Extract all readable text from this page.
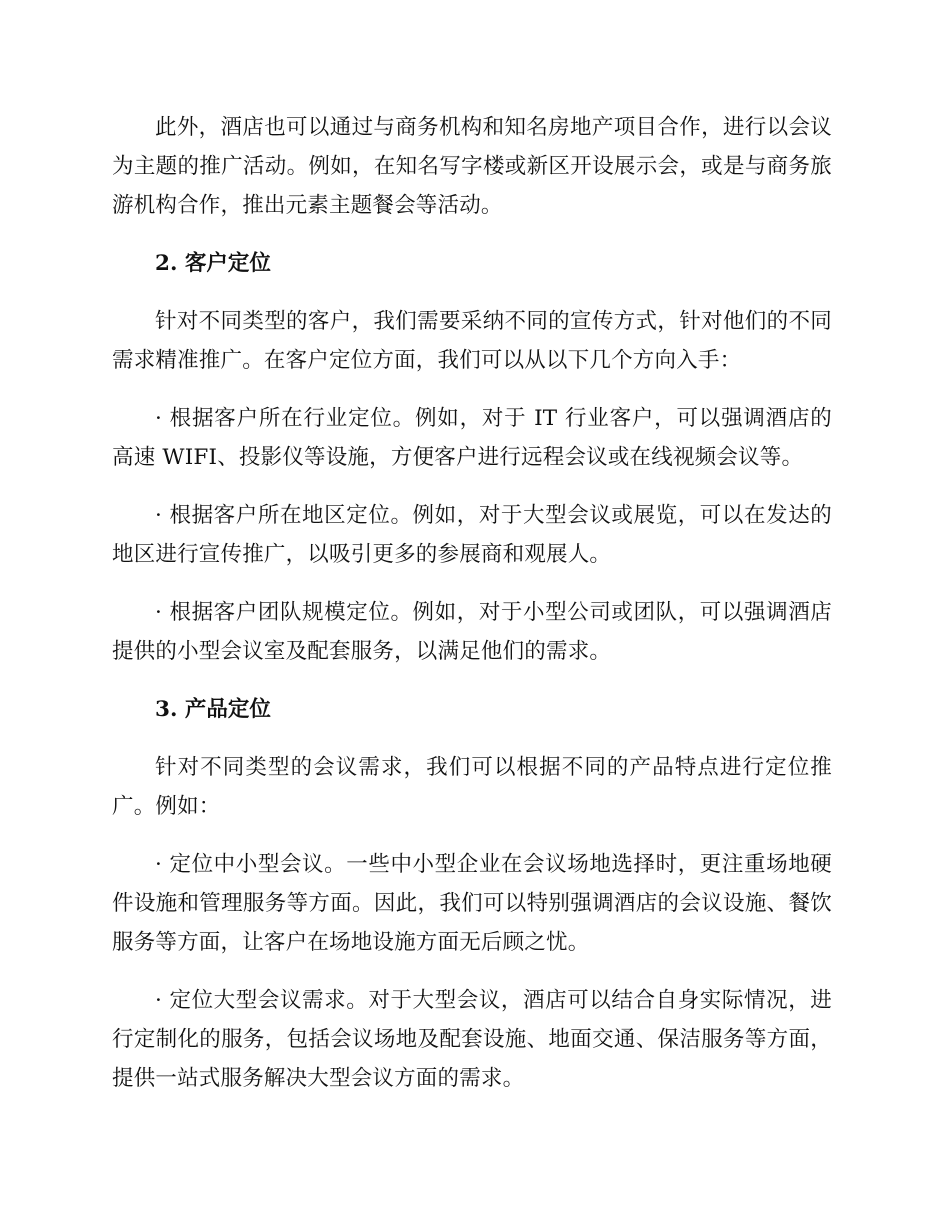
此外，酒店也可以通过与商务机构和知名房地产项目合作，进行以会议为主题的推广活动。例如，在知名写字楼或新区开设展示会，或是与商务旅游机构合作，推出元素主题餐会等活动。

2. 客户定位

针对不同类型的客户，我们需要采纳不同的宣传方式，针对他们的不同需求精准推广。在客户定位方面，我们可以从以下几个方向入手：

· 根据客户所在行业定位。例如，对于 IT 行业客户，可以强调酒店的高速 WIFI、投影仪等设施，方便客户进行远程会议或在线视频会议等。

· 根据客户所在地区定位。例如，对于大型会议或展览，可以在发达的地区进行宣传推广，以吸引更多的参展商和观展人。

· 根据客户团队规模定位。例如，对于小型公司或团队，可以强调酒店提供的小型会议室及配套服务，以满足他们的需求。

3. 产品定位

针对不同类型的会议需求，我们可以根据不同的产品特点进行定位推广。例如：

· 定位中小型会议。一些中小型企业在会议场地选择时，更注重场地硬件设施和管理服务等方面。因此，我们可以特别强调酒店的会议设施、餐饮服务等方面，让客户在场地设施方面无后顾之忧。

· 定位大型会议需求。对于大型会议，酒店可以结合自身实际情况，进行定制化的服务，包括会议场地及配套设施、地面交通、保洁服务等方面，提供一站式服务解决大型会议方面的需求。
